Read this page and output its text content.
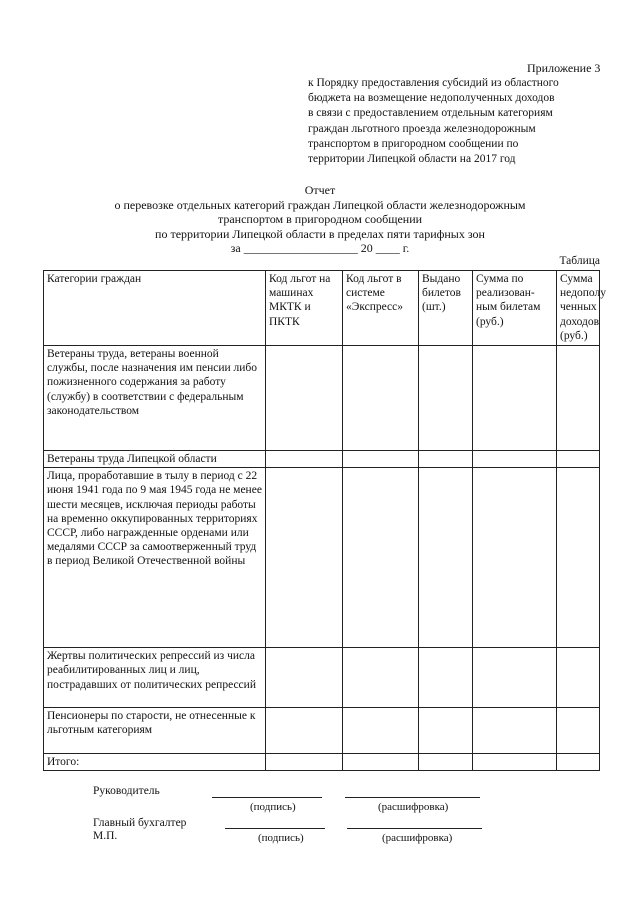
Приложение 3
к Порядку предоставления субсидий из областного
бюджета на возмещение недополученных доходов
в связи с предоставлением отдельным категориям
граждан льготного проезда железнодорожным
транспортом в пригородном сообщении по
территории Липецкой области на 2017 год
Отчет
о перевозке отдельных категорий граждан Липецкой области железнодорожным
транспортом в пригородном сообщении
по территории Липецкой области в пределах пяти тарифных зон
за ___________________ 20 ____ г.
Таблица
Категории граждан	Код льгот на машинах МКТК и ПКТК	Код льгот в системе «Экспресс»	Выдано билетов (шт.)	Сумма по реализован-ным билетам (руб.)	Сумма недополу ченных доходов (руб.)
Ветераны труда, ветераны военной службы, после назначения им пенсии либо пожизненного содержания за работу (службу) в соответствии с федеральным законодательством					
Ветераны труда Липецкой области					
Лица, проработавшие в тылу в период с 22 июня 1941 года по 9 мая 1945 года не менее шести месяцев, исключая периоды работы на временно оккупированных территориях СССР, либо награжденные орденами или медалями СССР за самоотверженный труд в период Великой Отечественной войны					
Жертвы политических репрессий из числа реабилитированных лиц и лиц, пострадавших от политических репрессий					
Пенсионеры по старости, не отнесенные к льготным категориям					
Итого:					
Руководитель
(подпись)	(расшифровка)
Главный бухгалтер
М.П.	(подпись)	(расшифровка)
